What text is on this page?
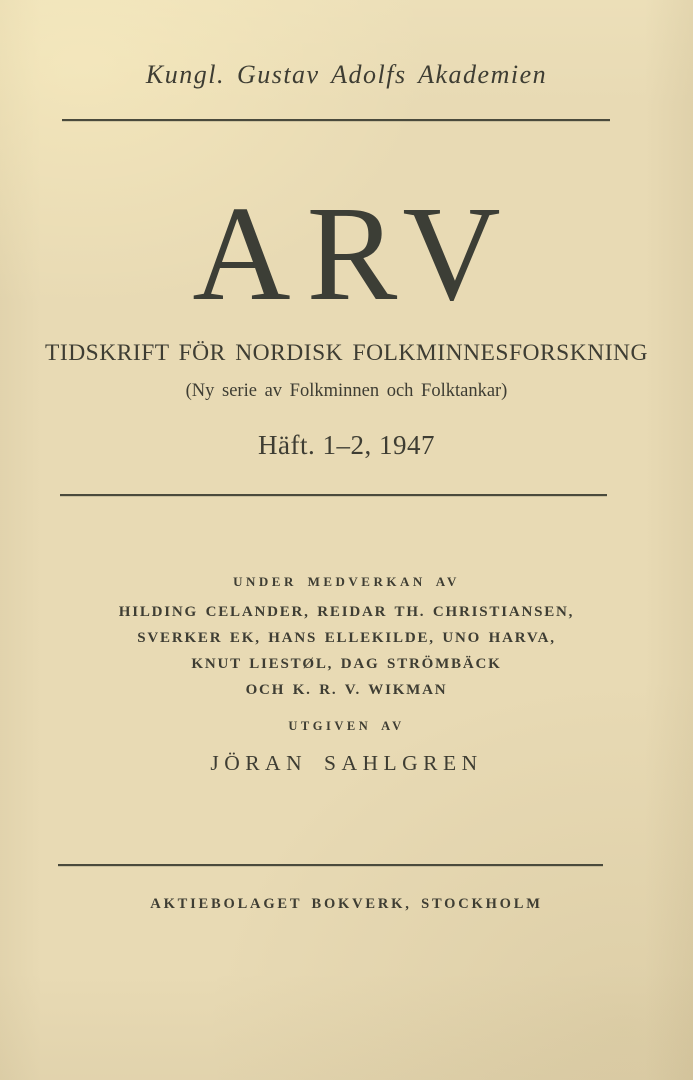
Kungl. Gustav Adolfs Akademien
ARV
TIDSKRIFT FÖR NORDISK FOLKMINNESFORSKNING
(Ny serie av Folkminnen och Folktankar)
Häft. 1–2, 1947
UNDER MEDVERKAN AV
HILDING CELANDER, REIDAR TH. CHRISTIANSEN,
SVERKER EK, HANS ELLEKILDE, UNO HARVA,
KNUT LIESTØL, DAG STRÖMBÄCK
OCH K. R. V. WIKMAN
UTGIVEN AV
JÖRAN SAHLGREN
AKTIEBOLAGET BOKVERK, STOCKHOLM
